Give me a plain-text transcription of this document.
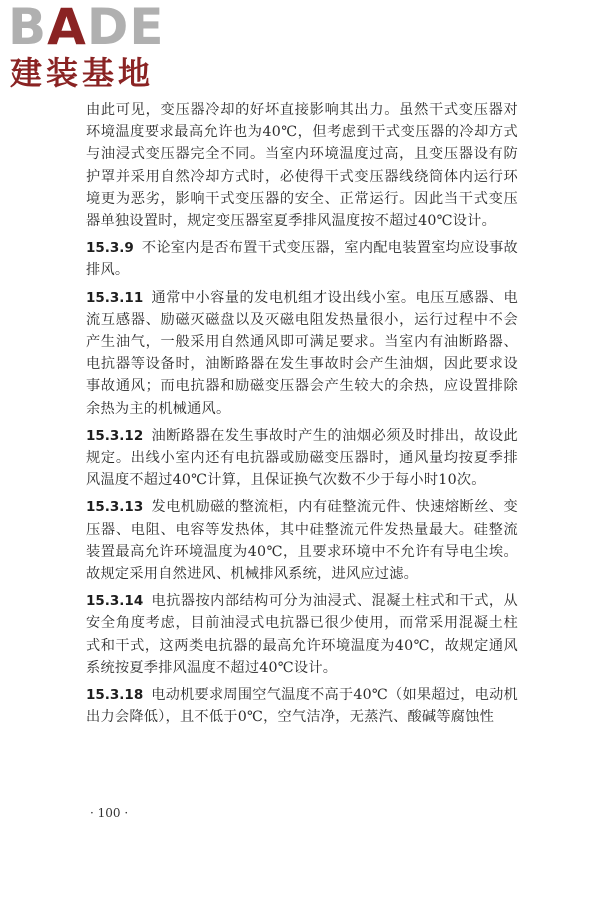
BADE
建装基地

由此可见，变压器冷却的好坏直接影响其出力。虽然干式变压器对环境温度要求最高允许也为40℃，但考虑到干式变压器的冷却方式与油浸式变压器完全不同。当室内环境温度过高，且变压器设有防护罩并采用自然冷却方式时，必使得干式变压器线绕筒体内运行环境更为恶劣，影响干式变压器的安全、正常运行。因此当干式变压器单独设置时，规定变压器室夏季排风温度按不超过40℃设计。

15.3.9 不论室内是否布置干式变压器，室内配电装置室均应设事故排风。

15.3.11 通常中小容量的发电机组才设出线小室。电压互感器、电流互感器、励磁灭磁盘以及灭磁电阻发热量很小，运行过程中不会产生油气，一般采用自然通风即可满足要求。当室内有油断路器、电抗器等设备时，油断路器在发生事故时会产生油烟，因此要求设事故通风；而电抗器和励磁变压器会产生较大的余热，应设置排除余热为主的机械通风。

15.3.12 油断路器在发生事故时产生的油烟必须及时排出，故设此规定。出线小室内还有电抗器或励磁变压器时，通风量均按夏季排风温度不超过40℃计算，且保证换气次数不少于每小时10次。

15.3.13 发电机励磁的整流柜，内有硅整流元件、快速熔断丝、变压器、电阻、电容等发热体，其中硅整流元件发热量最大。硅整流装置最高允许环境温度为40℃，且要求环境中不允许有导电尘埃。故规定采用自然进风、机械排风系统，进风应过滤。

15.3.14 电抗器按内部结构可分为油浸式、混凝土柱式和干式，从安全角度考虑，目前油浸式电抗器已很少使用，而常采用混凝土柱式和干式，这两类电抗器的最高允许环境温度为40℃，故规定通风系统按夏季排风温度不超过40℃设计。

15.3.18 电动机要求周围空气温度不高于40℃（如果超过，电动机出力会降低），且不低于0℃，空气洁净，无蒸汽、酸碱等腐蚀性

· 100 ·
